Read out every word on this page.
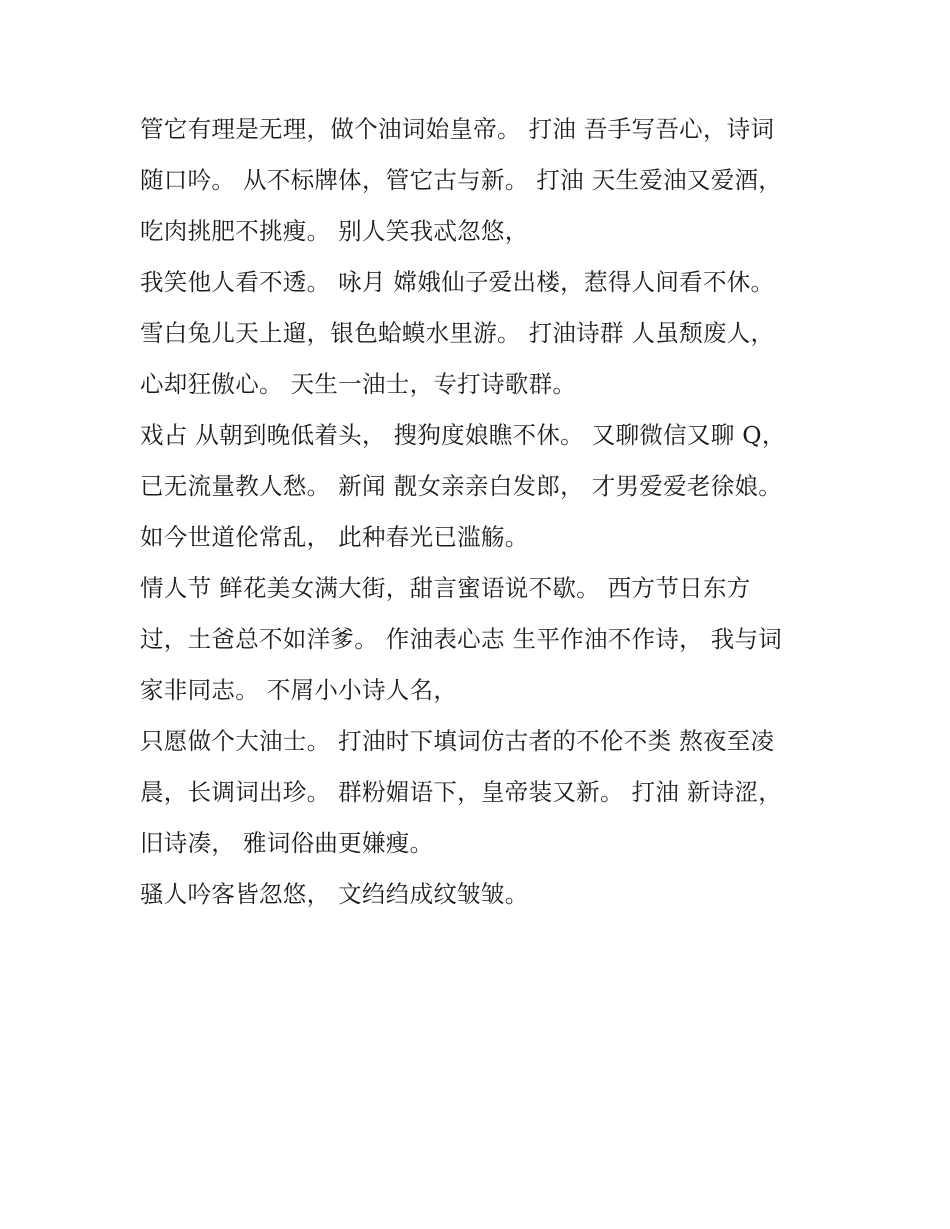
管它有理是无理，做个油词始皇帝。 打油 吾手写吾心，诗词
随口吟。 从不标牌体，管它古与新。 打油 天生爱油又爱酒，
吃肉挑肥不挑瘦。 别人笑我忒忽悠，
我笑他人看不透。 咏月 嫦娥仙子爱出楼，惹得人间看不休。
雪白兔儿天上遛，银色蛤蟆水里游。 打油诗群 人虽颓废人，
心却狂傲心。 天生一油士，专打诗歌群。
戏占 从朝到晚低着头， 搜狗度娘瞧不休。 又聊微信又聊 Q，
已无流量教人愁。 新闻 靓女亲亲白发郎， 才男爱爱老徐娘。
如今世道伦常乱， 此种春光已滥觞。
情人节 鲜花美女满大街，甜言蜜语说不歇。 西方节日东方
过，土爸总不如洋爹。 作油表心志 生平作油不作诗， 我与词
家非同志。 不屑小小诗人名，
只愿做个大油士。 打油时下填词仿古者的不伦不类 熬夜至凌
晨，长调词出珍。 群粉媚语下，皇帝装又新。 打油 新诗涩，
旧诗凑， 雅词俗曲更嫌瘦。
骚人吟客皆忽悠， 文绉绉成纹皱皱。
